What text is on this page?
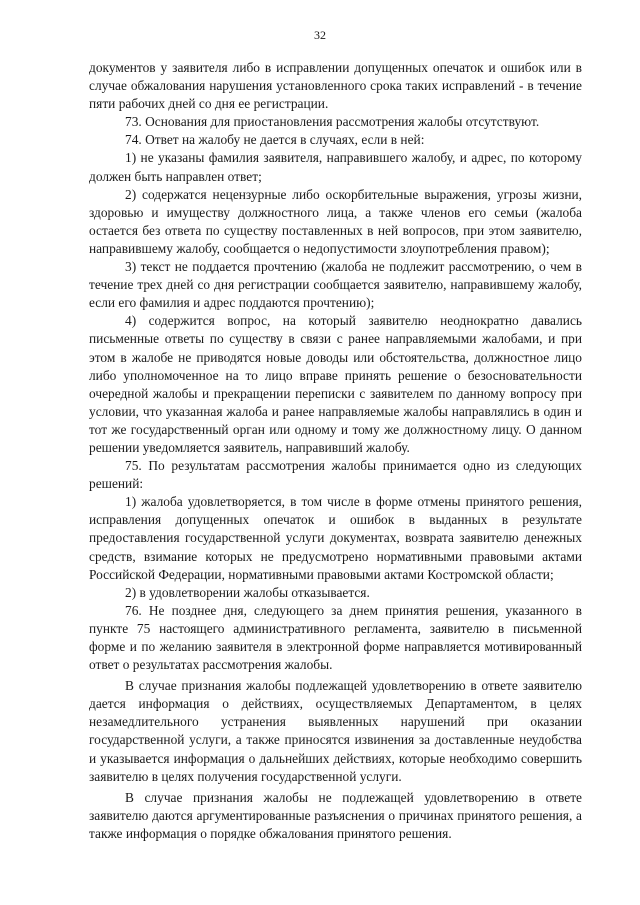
32

документов у заявителя либо в исправлении допущенных опечаток и ошибок или в случае обжалования нарушения установленного срока таких исправлений - в течение пяти рабочих дней со дня ее регистрации.

73. Основания для приостановления рассмотрения жалобы отсутствуют.

74. Ответ на жалобу не дается в случаях, если в ней:

1) не указаны фамилия заявителя, направившего жалобу, и адрес, по которому должен быть направлен ответ;

2) содержатся нецензурные либо оскорбительные выражения, угрозы жизни, здоровью и имуществу должностного лица, а также членов его семьи (жалоба остается без ответа по существу поставленных в ней вопросов, при этом заявителю, направившему жалобу, сообщается о недопустимости злоупотребления правом);

3) текст не поддается прочтению (жалоба не подлежит рассмотрению, о чем в течение трех дней со дня регистрации сообщается заявителю, направившему жалобу, если его фамилия и адрес поддаются прочтению);

4) содержится вопрос, на который заявителю неоднократно давались письменные ответы по существу в связи с ранее направляемыми жалобами, и при этом в жалобе не приводятся новые доводы или обстоятельства, должностное лицо либо уполномоченное на то лицо вправе принять решение о безосновательности очередной жалобы и прекращении переписки с заявителем по данному вопросу при условии, что указанная жалоба и ранее направляемые жалобы направлялись в один и тот же государственный орган или одному и тому же должностному лицу. О данном решении уведомляется заявитель, направивший жалобу.

75. По результатам рассмотрения жалобы принимается одно из следующих решений:

1) жалоба удовлетворяется, в том числе в форме отмены принятого решения, исправления допущенных опечаток и ошибок в выданных в результате предоставления государственной услуги документах, возврата заявителю денежных средств, взимание которых не предусмотрено нормативными правовыми актами Российской Федерации, нормативными правовыми актами Костромской области;

2) в удовлетворении жалобы отказывается.

76. Не позднее дня, следующего за днем принятия решения, указанного в пункте 75 настоящего административного регламента, заявителю в письменной форме и по желанию заявителя в электронной форме направляется мотивированный ответ о результатах рассмотрения жалобы.

В случае признания жалобы подлежащей удовлетворению в ответе заявителю дается информация о действиях, осуществляемых Департаментом, в целях незамедлительного устранения выявленных нарушений при оказании государственной услуги, а также приносятся извинения за доставленные неудобства и указывается информация о дальнейших действиях, которые необходимо совершить заявителю в целях получения государственной услуги.

В случае признания жалобы не подлежащей удовлетворению в ответе заявителю даются аргументированные разъяснения о причинах принятого решения, а также информация о порядке обжалования принятого решения.
